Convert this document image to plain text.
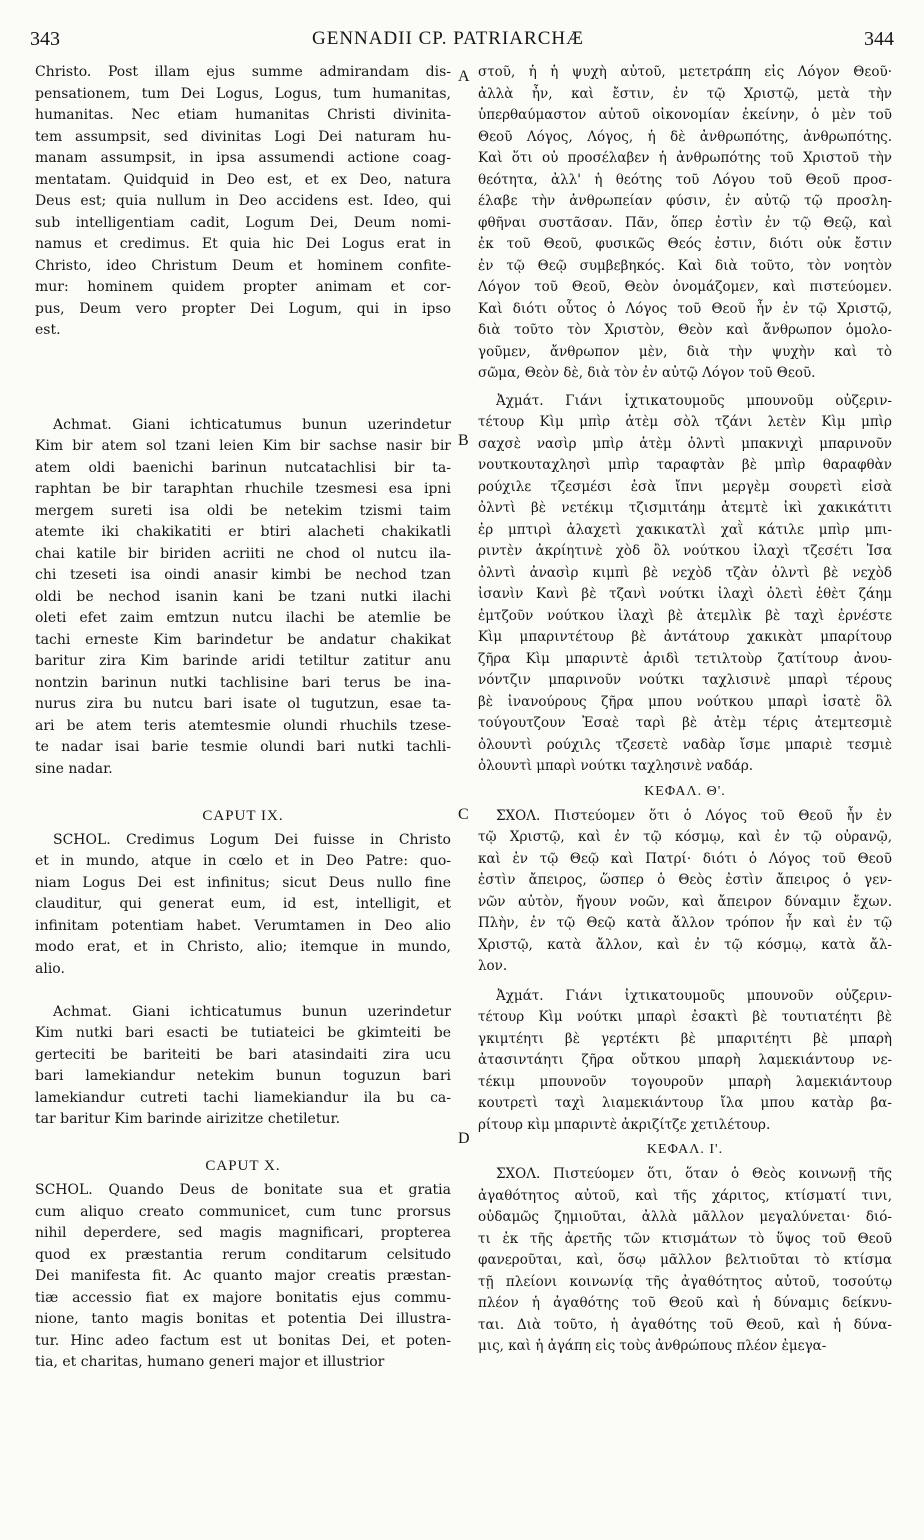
343	GENNADII CP. PATRIARCHÆ	344
A
B
C
D
Christo. Post illam ejus summe admirandam dis-
pensationem, tum Dei Logus, Logus, tum humanitas,
humanitas. Nec etiam humanitas Christi divinita-
tem assumpsit, sed divinitas Logi Dei naturam hu-
manam assumpsit, in ipsa assumendi actione coag-
mentatam. Quidquid in Deo est, et ex Deo, natura
Deus est; quia nullum in Deo accidens est. Ideo, qui
sub intelligentiam cadit, Logum Dei, Deum nomi-
namus et credimus. Et quia hic Dei Logus erat in
Christo, ideo Christum Deum et hominem confite-
mur: hominem quidem propter animam et cor-
pus, Deum vero propter Dei Logum, qui in ipso
est.
Achmat. Giani ichticatumus bunun uzerindetur
Kim bir atem sol tzani leien Kim bir sachse nasir bir
atem oldi baenichi barinun nutcatachlisi bir ta-
raphtan be bir taraphtan rhuchile tzesmesi esa ipni
mergem sureti isa oldi be netekim tzismi taim
atemte iki chakikatiti er btiri alacheti chakikatli
chai katile bir biriden acriiti ne chod ol nutcu ila-
chi tzeseti isa oindi anasir kimbi be nechod tzan
oldi be nechod isanin kani be tzani nutki ilachi
oleti efet zaim emtzun nutcu ilachi be atemlie be
tachi erneste Kim barindetur be andatur chakikat
baritur zira Kim barinde aridi tetiltur zatitur anu
nontzin barinun nutki tachlisine bari terus be ina-
nurus zira bu nutcu bari isate ol tugutzun, esae ta-
ari be atem teris atemtesmie olundi rhuchils tzese-
te nadar isai barie tesmie olundi bari nutki tachli-
sine nadar.
CAPUT IX.
SCHOL. Credimus Logum Dei fuisse in Christo
et in mundo, atque in cœlo et in Deo Patre: quo-
niam Logus Dei est infinitus; sicut Deus nullo fine
clauditur, qui generat eum, id est, intelligit, et
infinitam potentiam habet. Verumtamen in Deo alio
modo erat, et in Christo, alio; itemque in mundo,
alio.
Achmat. Giani ichticatumus bunun uzerindetur
Kim nutki bari esacti be tutiateici be gkimteiti be
gerteciti be bariteiti be bari atasindaiti zira ucu
bari lamekiandur netekim bunun toguzun bari
lamekiandur cutreti tachi liamekiandur ila bu ca-
tar baritur Kim barinde airizitze chetiletur.
CAPUT X.
SCHOL. Quando Deus de bonitate sua et gratia
cum aliquo creato communicet, cum tunc prorsus
nihil deperdere, sed magis magnificari, propterea
quod ex præstantia rerum conditarum celsitudo
Dei manifesta fit. Ac quanto major creatis præstan-
tiæ accessio fiat ex majore bonitatis ejus commu-
nione, tanto magis bonitas et potentia Dei illustra-
tur. Hinc adeo factum est ut bonitas Dei, et poten-
tia, et charitas, humano generi major et illustrior
στοῦ, ἡ ἡ ψυχὴ αὐτοῦ, μετετράπη εἰς Λόγον Θεοῦ·
ἀλλὰ ἦν, καὶ ἔστιν, ἐν τῷ Χριστῷ, μετὰ τὴν
ὑπερθαύμαστον αὐτοῦ οἰκονομίαν ἐκείνην, ὁ μὲν τοῦ
Θεοῦ Λόγος, Λόγος, ἡ δὲ ἀνθρωπότης, ἀνθρωπότης.
Καὶ ὅτι οὐ προσέλαβεν ἡ ἀνθρωπότης τοῦ Χριστοῦ τὴν
θεότητα, ἀλλ' ἡ θεότης τοῦ Λόγου τοῦ Θεοῦ προσ-
έλαβε τὴν ἀνθρωπείαν φύσιν, ἐν αὐτῷ τῷ προσλη-
φθῆναι συστᾶσαν. Πᾶν, ὅπερ ἐστὶν ἐν τῷ Θεῷ, καὶ
ἐκ τοῦ Θεοῦ, φυσικῶς Θεός ἐστιν, διότι οὐκ ἔστιν
ἐν τῷ Θεῷ συμβεβηκός. Καὶ διὰ τοῦτο, τὸν νοητὸν
Λόγον τοῦ Θεοῦ, Θεὸν ὀνομάζομεν, καὶ πιστεύομεν.
Καὶ διότι οὗτος ὁ Λόγος τοῦ Θεοῦ ἦν ἐν τῷ Χριστῷ,
διὰ τοῦτο τὸν Χριστὸν, Θεὸν καὶ ἄνθρωπον ὁμολο-
γοῦμεν, ἄνθρωπον μὲν, διὰ τὴν ψυχὴν καὶ τὸ
σῶμα, Θεὸν δὲ, διὰ τὸν ἐν αὐτῷ Λόγον τοῦ Θεοῦ.
Ἀχμάτ. Γιάνι ἰχτικατουμοῦς μπουνοῦμ οὐζεριν-
τέτουρ Κὶμ μπὶρ ἀτὲμ σὸλ τζάνι λετὲν Κὶμ μπὶρ
σαχσὲ νασὶρ μπὶρ ἀτὲμ ὀλντὶ μπακνιχὶ μπαρινοῦν
νουτκουταχλησὶ μπὶρ ταραφτὰν βὲ μπὶρ θαραφθὰν
ρούχιλε τζεσμέσι ἐσὰ ἴπνι μεργὲμ σουρετὶ εἰσὰ
ὀλντὶ βὲ νετέκιμ τζισμιτάημ ἀτεμτὲ ἰκὶ χακικάτιτι
ἐρ μπτιρὶ ἀλαχετὶ χακικατλὶ χαῒ κάτιλε μπὶρ μπι-
ριντὲν ἀκρίητινὲ χὸδ ὂλ νούτκου ἰλαχὶ τζεσέτι Ἰσα
ὀλντὶ ἀνασὶρ κιμπὶ βὲ νεχὸδ τζὰν ὀλντὶ βὲ νεχὸδ
ἰσανὶν Κανὶ βὲ τζανὶ νούτκι ἰλαχὶ ὀλετὶ ἐθὲτ ζάημ
ἐμτζοῦν νούτκου ἰλαχὶ βὲ ἀτεμλὶκ βὲ ταχὶ ἐρνέστε
Κὶμ μπαριντέτουρ βὲ ἀντάτουρ χακικὰτ μπαρίτουρ
ζῆρα Κὶμ μπαριντὲ ἀριδὶ τετιλτοὺρ ζατίτουρ ἀνου-
νόντζιν μπαρινοῦν νούτκι ταχλισινὲ μπαρὶ τέρους
βὲ ἰνανούρους ζῆρα μπου νούτκου μπαρὶ ἰσατὲ ὂλ
τούγουτζουν Ἐσαὲ ταρὶ βὲ ἀτὲμ τέρις ἀτεμτεσμιὲ
ὀλουντὶ ρούχιλς τζεσετὲ ναδὰρ ἴσμε μπαριὲ τεσμιὲ
ὀλουντὶ μπαρὶ νούτκι ταχλησινὲ ναδάρ.
ΚΕΦΑΛ. Θ'.
ΣΧΟΛ. Πιστεύομεν ὅτι ὁ Λόγος τοῦ Θεοῦ ἦν ἐν
τῷ Χριστῷ, καὶ ἐν τῷ κόσμῳ, καὶ ἐν τῷ οὐρανῷ,
καὶ ἐν τῷ Θεῷ καὶ Πατρί· διότι ὁ Λόγος τοῦ Θεοῦ
ἐστὶν ἄπειρος, ὥσπερ ὁ Θεὸς ἐστὶν ἄπειρος ὁ γεν-
νῶν αὐτὸν, ἤγουν νοῶν, καὶ ἄπειρον δύναμιν ἔχων.
Πλὴν, ἐν τῷ Θεῷ κατὰ ἄλλον τρόπον ἦν καὶ ἐν τῷ
Χριστῷ, κατὰ ἄλλον, καὶ ἐν τῷ κόσμῳ, κατὰ ἄλ-
λον.
Ἀχμάτ. Γιάνι ἰχτικατουμοῦς μπουνοῦν οὐζεριν-
τέτουρ Κὶμ νούτκι μπαρὶ ἐσακτὶ βὲ τουτιατέητι βὲ
γκιμτέητι βὲ γερτέκτι βὲ μπαριτέητι βὲ μπαρὴ
ἀτασιντάητι ζῆρα οὔτκου μπαρὴ λαμεκιάντουρ νε-
τέκιμ μπουνοῦν τογουροῦν μπαρὴ λαμεκιάντουρ
κουτρετὶ ταχὶ λιαμεκιάντουρ ἴλα μπου κατὰρ βα-
ρίτουρ κὶμ μπαριντὲ ἀκριζίτζε χετιλέτουρ.
ΚΕΦΑΛ. Ι'.
ΣΧΟΛ. Πιστεύομεν ὅτι, ὅταν ὁ Θεὸς κοινωνῇ τῆς
ἀγαθότητος αὐτοῦ, καὶ τῆς χάριτος, κτίσματί τινι,
οὐδαμῶς ζημιοῦται, ἀλλὰ μᾶλλον μεγαλύνεται· διό-
τι ἐκ τῆς ἀρετῆς τῶν κτισμάτων τὸ ὕψος τοῦ Θεοῦ
φανεροῦται, καὶ, ὅσῳ μᾶλλον βελτιοῦται τὸ κτίσμα
τῇ πλείονι κοινωνίᾳ τῆς ἀγαθότητος αὐτοῦ, τοσούτῳ
πλέον ἡ ἀγαθότης τοῦ Θεοῦ καὶ ἡ δύναμις δείκνυ-
ται. Διὰ τοῦτο, ἡ ἀγαθότης τοῦ Θεοῦ, καὶ ἡ δύνα-
μις, καὶ ἡ ἀγάπη εἰς τοὺς ἀνθρώπους πλέον ἐμεγα-
